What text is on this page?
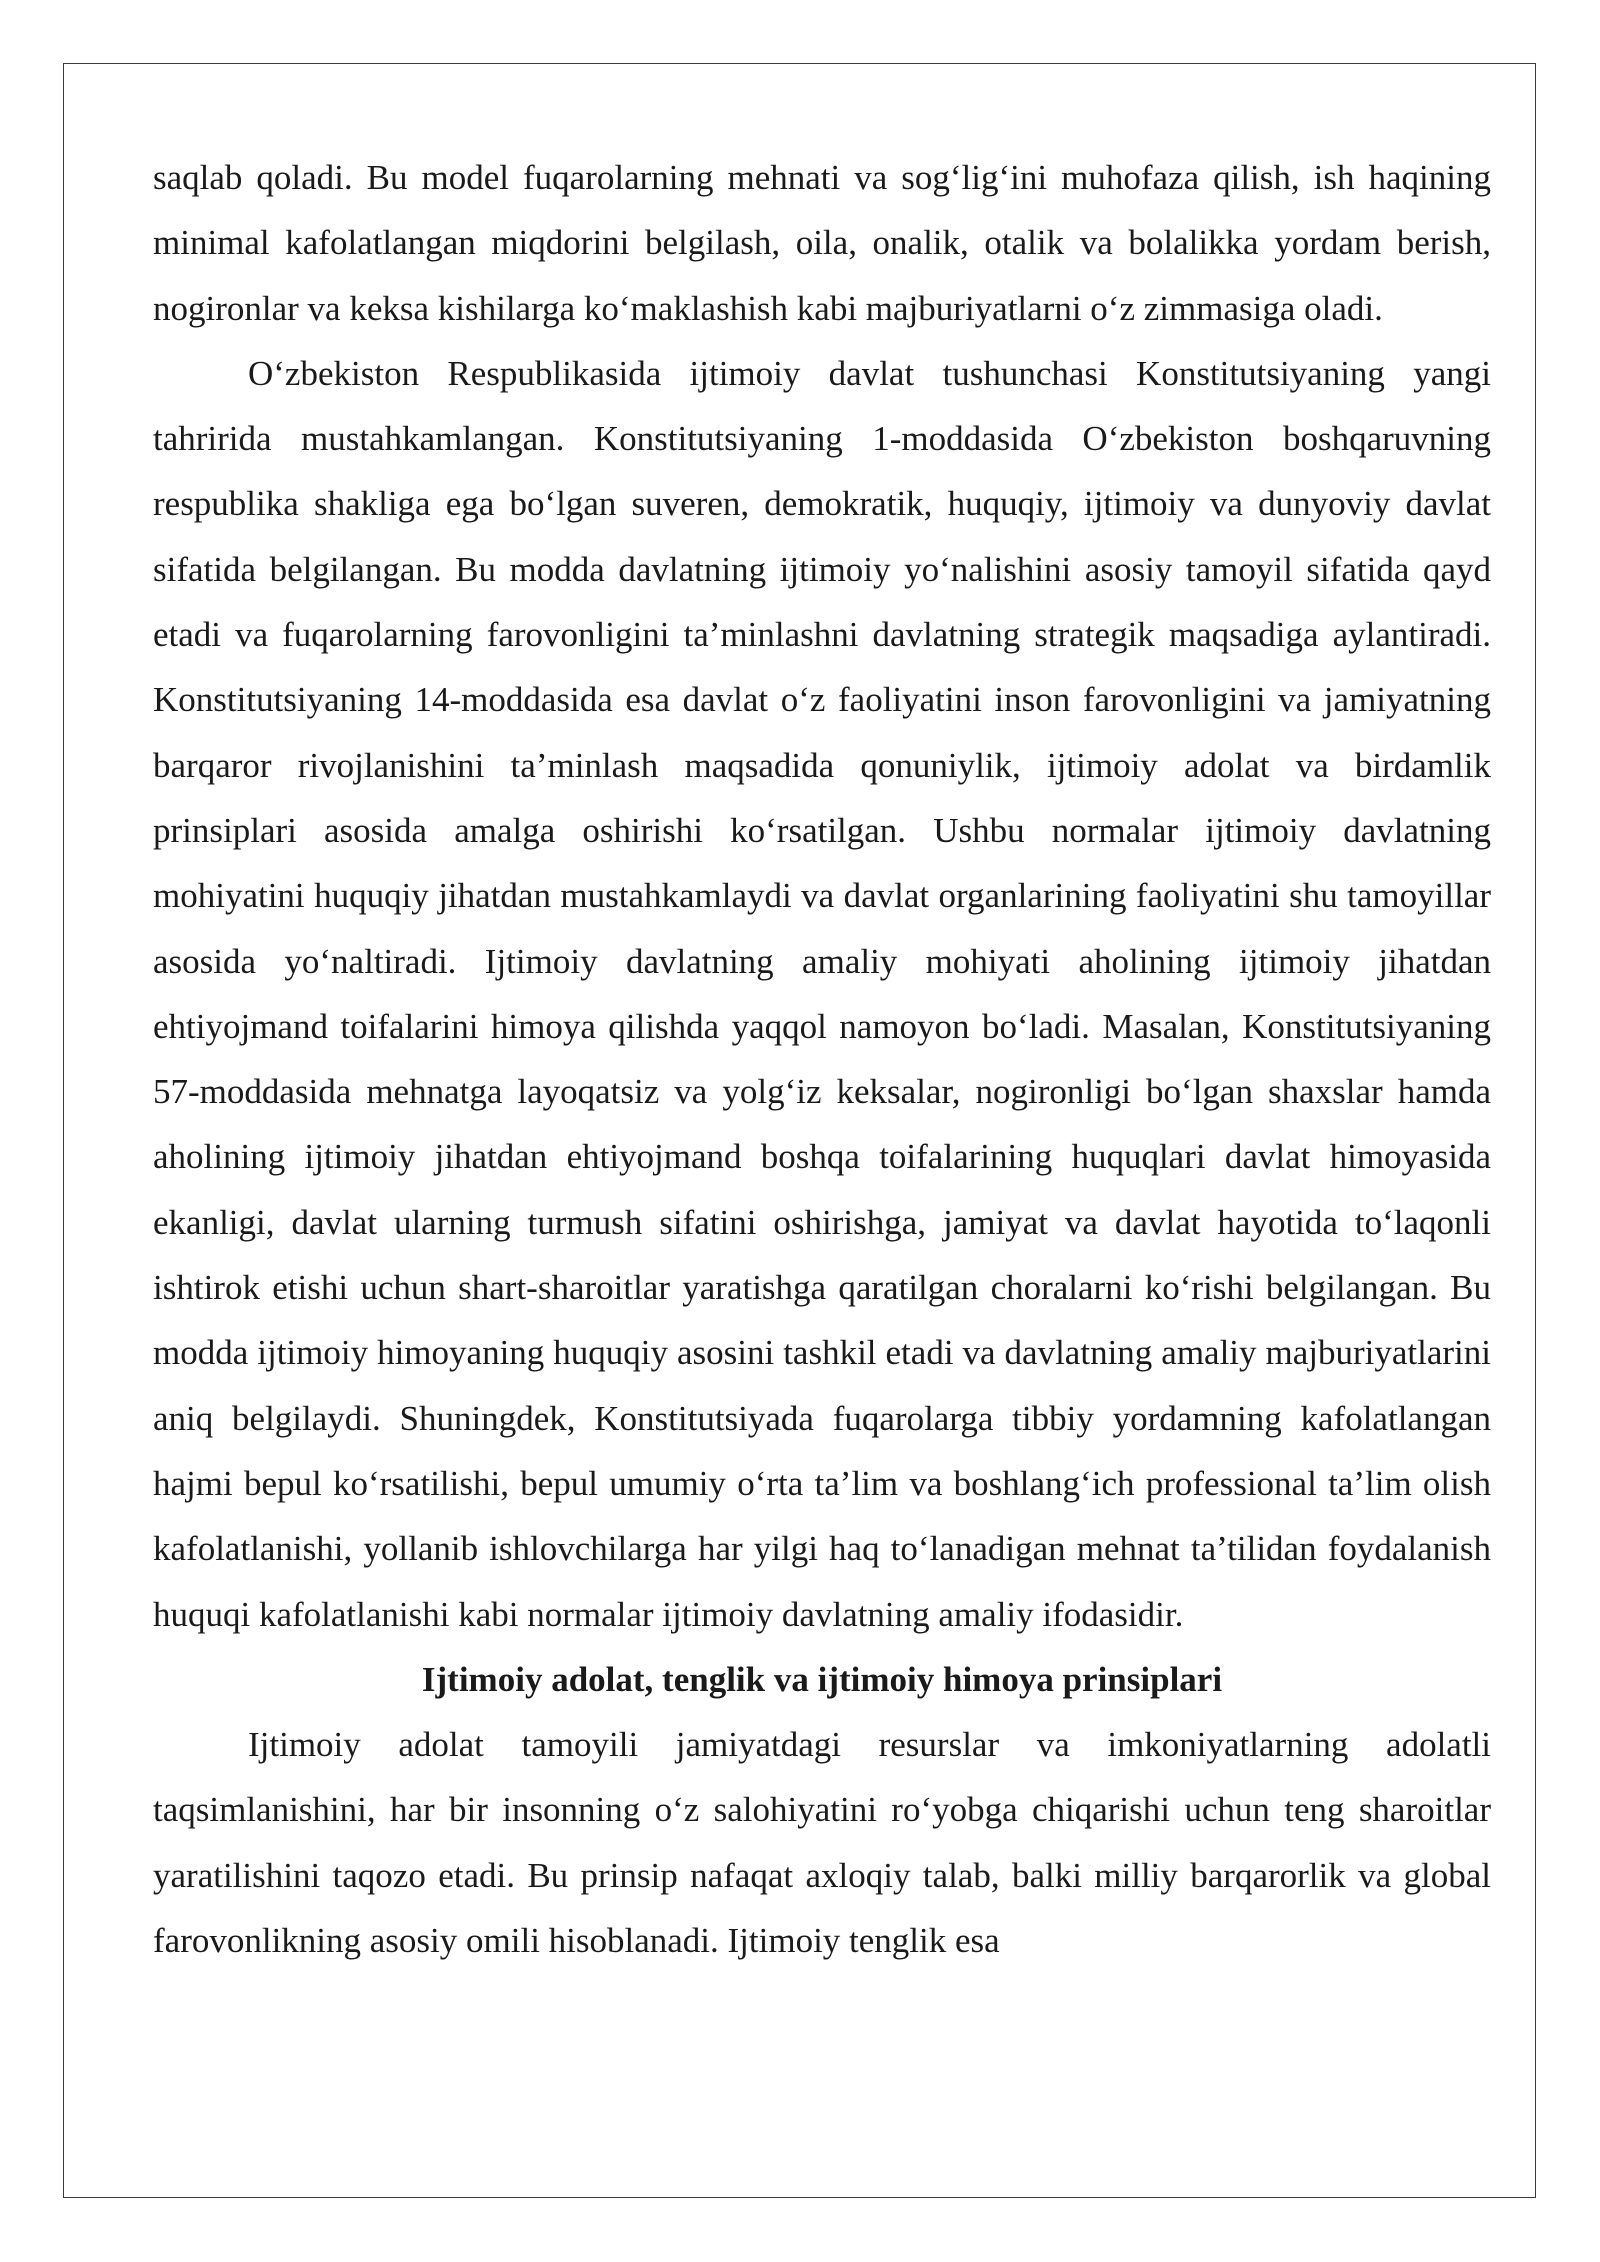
saqlab qoladi. Bu model fuqarolarning mehnati va sog‘lig‘ini muhofaza qilish, ish haqining minimal kafolatlangan miqdorini belgilash, oila, onalik, otalik va bolalikka yordam berish, nogironlar va keksa kishilarga ko‘maklashish kabi majburiyatlarni o‘z zimmasiga oladi.

O‘zbekiston Respublikasida ijtimoiy davlat tushunchasi Konstitutsiyaning yangi tahririda mustahkamlangan. Konstitutsiyaning 1-moddasida O‘zbekiston boshqaruvning respublika shakliga ega bo‘lgan suveren, demokratik, huquqiy, ijtimoiy va dunyoviy davlat sifatida belgilangan. Bu modda davlatning ijtimoiy yo‘nalishini asosiy tamoyil sifatida qayd etadi va fuqarolarning farovonligini ta’minlashni davlatning strategik maqsadiga aylantiradi. Konstitutsiyaning 14-moddasida esa davlat o‘z faoliyatini inson farovonligini va jamiyatning barqaror rivojlanishini ta’minlash maqsadida qonuniylik, ijtimoiy adolat va birdamlik prinsiplari asosida amalga oshirishi ko‘rsatilgan. Ushbu normalar ijtimoiy davlatning mohiyatini huquqiy jihatdan mustahkamlaydi va davlat organlarining faoliyatini shu tamoyillar asosida yo‘naltiradi. Ijtimoiy davlatning amaliy mohiyati aholining ijtimoiy jihatdan ehtiyojmand toifalarini himoya qilishda yaqqol namoyon bo‘ladi. Masalan, Konstitutsiyaning 57-moddasida mehnatga layoqatsiz va yolg‘iz keksalar, nogironligi bo‘lgan shaxslar hamda aholining ijtimoiy jihatdan ehtiyojmand boshqa toifalarining huquqlari davlat himoyasida ekanligi, davlat ularning turmush sifatini oshirishga, jamiyat va davlat hayotida to‘laqonli ishtirok etishi uchun shart-sharoitlar yaratishga qaratilgan choralarni ko‘rishi belgilangan. Bu modda ijtimoiy himoyaning huquqiy asosini tashkil etadi va davlatning amaliy majburiyatlarini aniq belgilaydi. Shuningdek, Konstitutsiyada fuqarolarga tibbiy yordamning kafolatlangan hajmi bepul ko‘rsatilishi, bepul umumiy o‘rta ta’lim va boshlang‘ich professional ta’lim olish kafolatlanishi, yollanib ishlovchilarga har yilgi haq to‘lanadigan mehnat ta’tilidan foydalanish huquqi kafolatlanishi kabi normalar ijtimoiy davlatning amaliy ifodasidir.

Ijtimoiy adolat, tenglik va ijtimoiy himoya prinsiplari

Ijtimoiy adolat tamoyili jamiyatdagi resurslar va imkoniyatlarning adolatli taqsimlanishini, har bir insonning o‘z salohiyatini ro‘yobga chiqarishi uchun teng sharoitlar yaratilishini taqozo etadi. Bu prinsip nafaqat axloqiy talab, balki milliy barqarorlik va global farovonlikning asosiy omili hisoblanadi. Ijtimoiy tenglik esa
